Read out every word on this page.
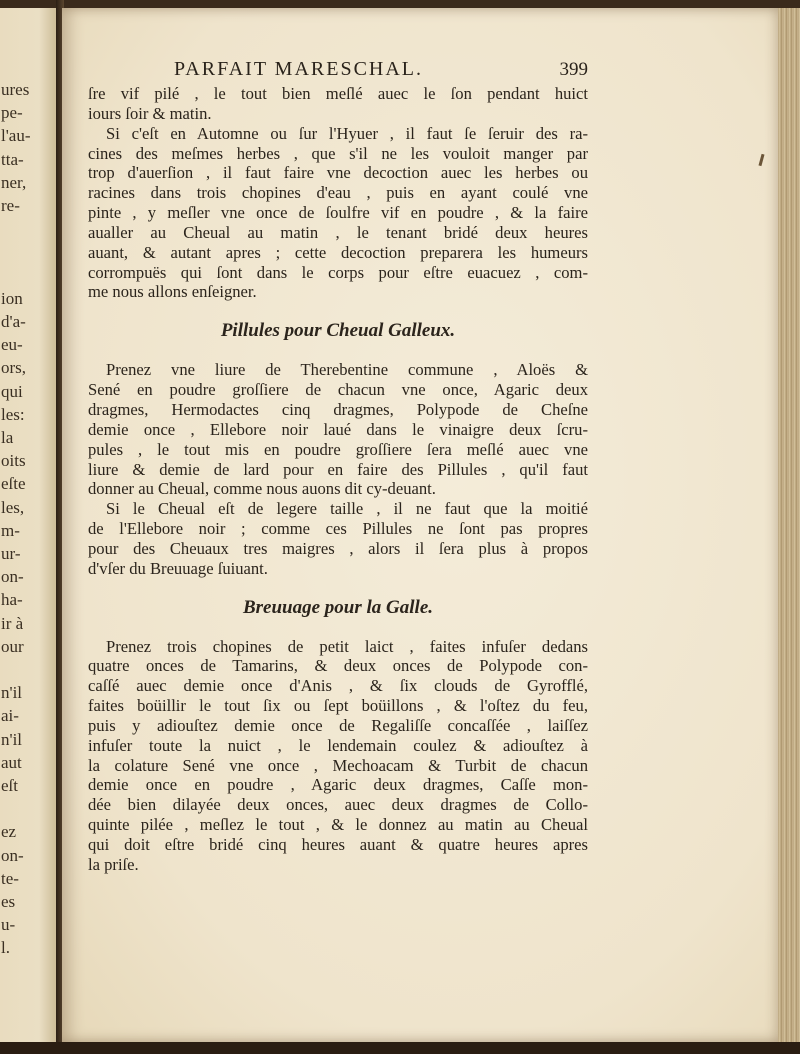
ures
pe-
l'au-
tta-
ner,
re-
ion
d'a-
eu-
ors,
qui
les:
la
oits
eſte
les,
m-
ur-
on-
ha-
ir à
our
n'il
ai-
n'il
aut
eſt
ez
on-
te-
es
u-
l.
PARFAIT MARESCHAL.	399
ſre vif pilé , le tout bien meſlé auec le ſon pendant huict
iours ſoir & matin.
Si c'eſt en Automne ou ſur l'Hyuer , il faut ſe ſeruir des ra-
cines des meſmes herbes , que s'il ne les vouloit manger par
trop d'auerſion , il faut faire vne decoction auec les herbes ou
racines dans trois chopines d'eau , puis en ayant coulé vne
pinte , y meſler vne once de ſoulfre vif en poudre , & la faire
aualler au Cheual au matin , le tenant bridé deux heures
auant, & autant apres ; cette decoction preparera les humeurs
corrompuës qui ſont dans le corps pour eſtre euacuez , com-
me nous allons enſeigner.
Pillules pour Cheual Galleux.
Prenez vne liure de Therebentine commune , Aloës &
Sené en poudre groſſiere de chacun vne once, Agaric deux
dragmes, Hermodactes cinq dragmes, Polypode de Cheſne
demie once , Ellebore noir laué dans le vinaigre deux ſcru-
pules , le tout mis en poudre groſſiere ſera meſlé auec vne
liure & demie de lard pour en faire des Pillules , qu'il faut
donner au Cheual, comme nous auons dit cy-deuant.
Si le Cheual eſt de legere taille , il ne faut que la moitié
de l'Ellebore noir ; comme ces Pillules ne ſont pas propres
pour des Cheuaux tres maigres , alors il ſera plus à propos
d'vſer du Breuuage ſuiuant.
Breuuage pour la Galle.
Prenez trois chopines de petit laict , faites infuſer dedans
quatre onces de Tamarins, & deux onces de Polypode con-
caſſé auec demie once d'Anis , & ſix clouds de Gyrofflé,
faites boüillir le tout ſix ou ſept boüillons , & l'oſtez du feu,
puis y adiouſtez demie once de Regaliſſe concaſſée , laiſſez
infuſer toute la nuict , le lendemain coulez & adiouſtez à
la colature Sené vne once , Mechoacam & Turbit de chacun
demie once en poudre , Agaric deux dragmes, Caſſe mon-
dée bien dilayée deux onces, auec deux dragmes de Collo-
quinte pilée , meſlez le tout , & le donnez au matin au Cheual
qui doit eſtre bridé cinq heures auant & quatre heures apres
la priſe.
